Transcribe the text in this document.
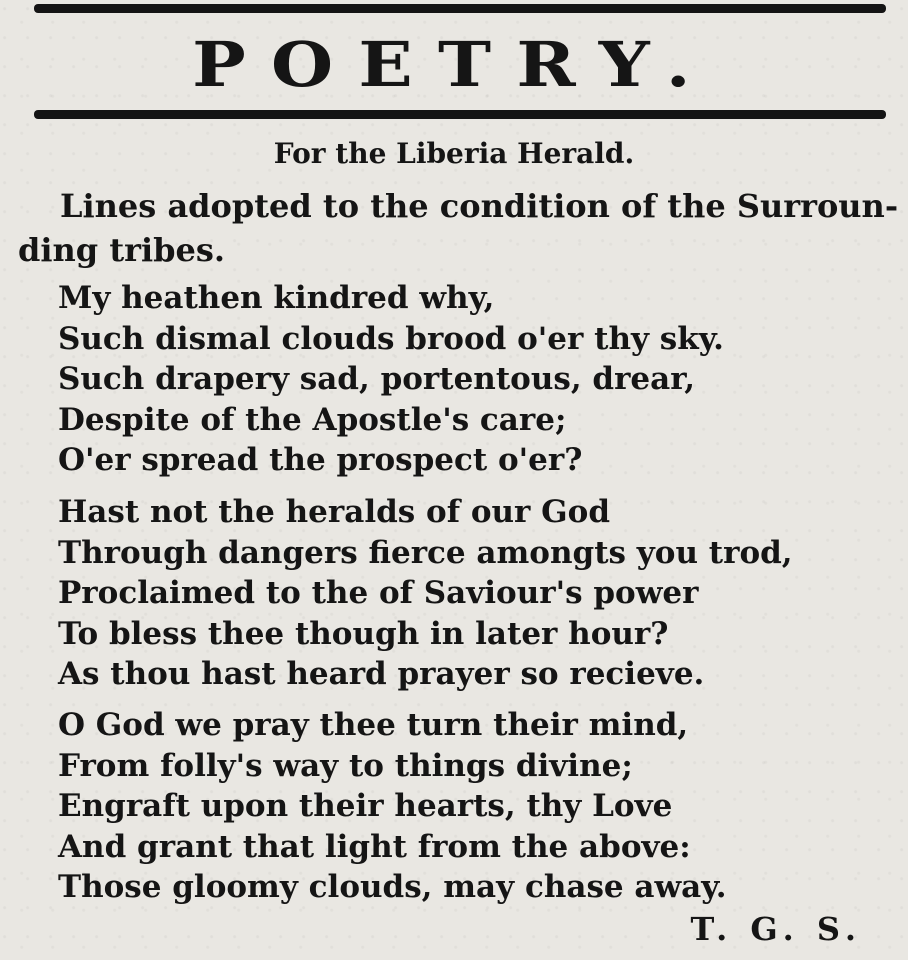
POETRY.
For the Liberia Herald.
Lines adopted to the condition of the Surroun-
ding tribes.
My heathen kindred why,
Such dismal clouds brood o'er thy sky.
Such drapery sad, portentous, drear,
Despite of the Apostle's care;
O'er spread the prospect o'er?
Hast not the heralds of our God
Through dangers fierce amongts you trod,
Proclaimed to the of Saviour's power
To bless thee though in later hour?
As thou hast heard prayer so recieve.
O God we pray thee turn their mind,
From folly's way to things divine;
Engraft upon their hearts, thy Love
And grant that light from the above:
Those gloomy clouds, may chase away.
T. G. S.
